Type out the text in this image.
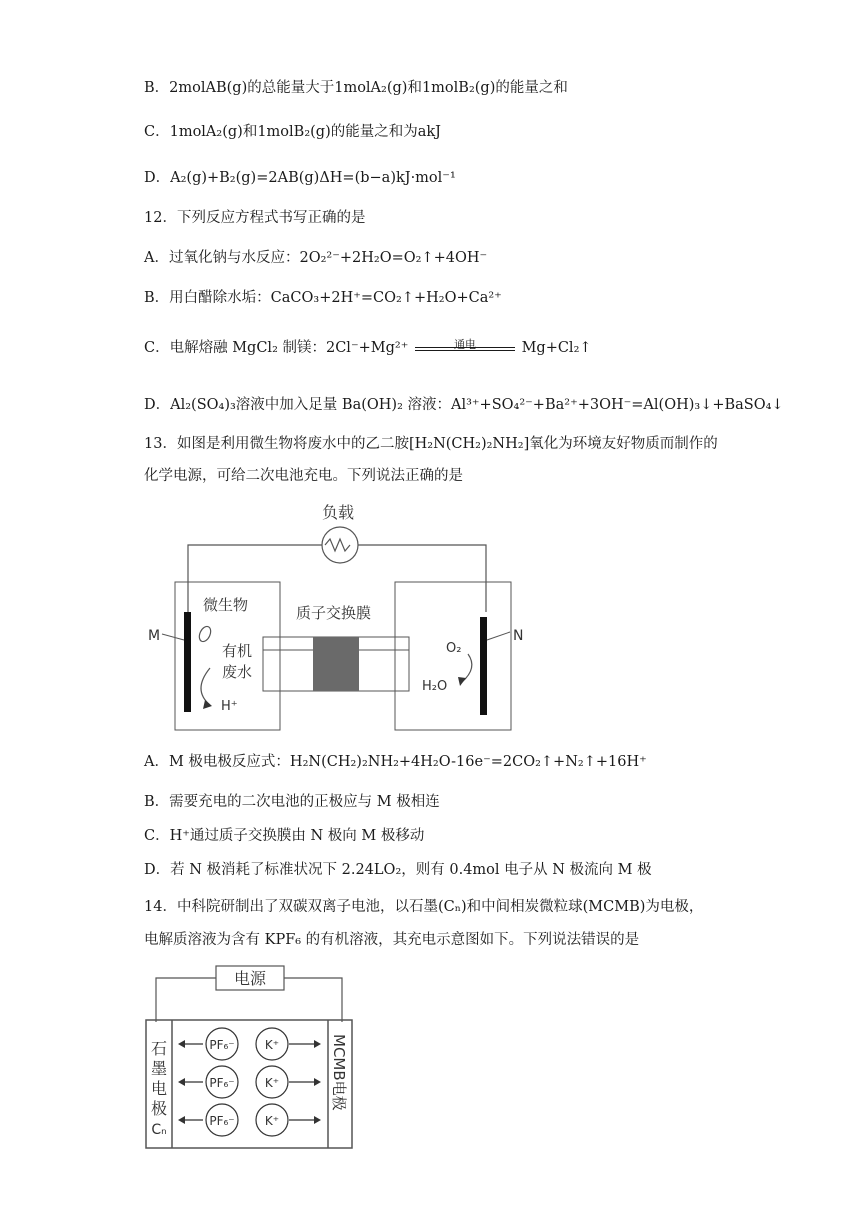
B．2molAB(g)的总能量大于1molA₂(g)和1molB₂(g)的能量之和
C．1molA₂(g)和1molB₂(g)的能量之和为akJ
D．A₂(g)+B₂(g)=2AB(g)ΔH=(b−a)kJ·mol⁻¹
12．下列反应方程式书写正确的是
A．过氧化钠与水反应：2O₂²⁻+2H₂O=O₂↑+4OH⁻
B．用白醋除水垢：CaCO₃+2H⁺=CO₂↑+H₂O+Ca²⁺
C．电解熔融 MgCl₂ 制镁：2Cl⁻+Mg²⁺	通电	Mg+Cl₂↑
D．Al₂(SO₄)₃溶液中加入足量 Ba(OH)₂ 溶液：Al³⁺+SO₄²⁻+Ba²⁺+3OH⁻=Al(OH)₃↓+BaSO₄↓
13．如图是利用微生物将废水中的乙二胺[H₂N(CH₂)₂NH₂]氧化为环境友好物质而制作的
化学电源，可给二次电池充电。下列说法正确的是
负载
M
微生物
有机
废水
H⁺
质子交换膜
N
O₂
H₂O
A．M 极电极反应式：H₂N(CH₂)₂NH₂+4H₂O-16e⁻=2CO₂↑+N₂↑+16H⁺
B．需要充电的二次电池的正极应与 M 极相连
C．H⁺通过质子交换膜由 N 极向 M 极移动
D．若 N 极消耗了标准状况下 2.24LO₂，则有 0.4mol 电子从 N 极流向 M 极
14．中科院研制出了双碳双离子电池，以石墨(Cₙ)和中间相炭微粒球(MCMB)为电极，
电解质溶液为含有 KPF₆ 的有机溶液，其充电示意图如下。下列说法错误的是
电源
石
墨
电
极
Cₙ
MCMB电极
PF₆⁻	K⁺
PF₆⁻	K⁺
PF₆⁻	K⁺
